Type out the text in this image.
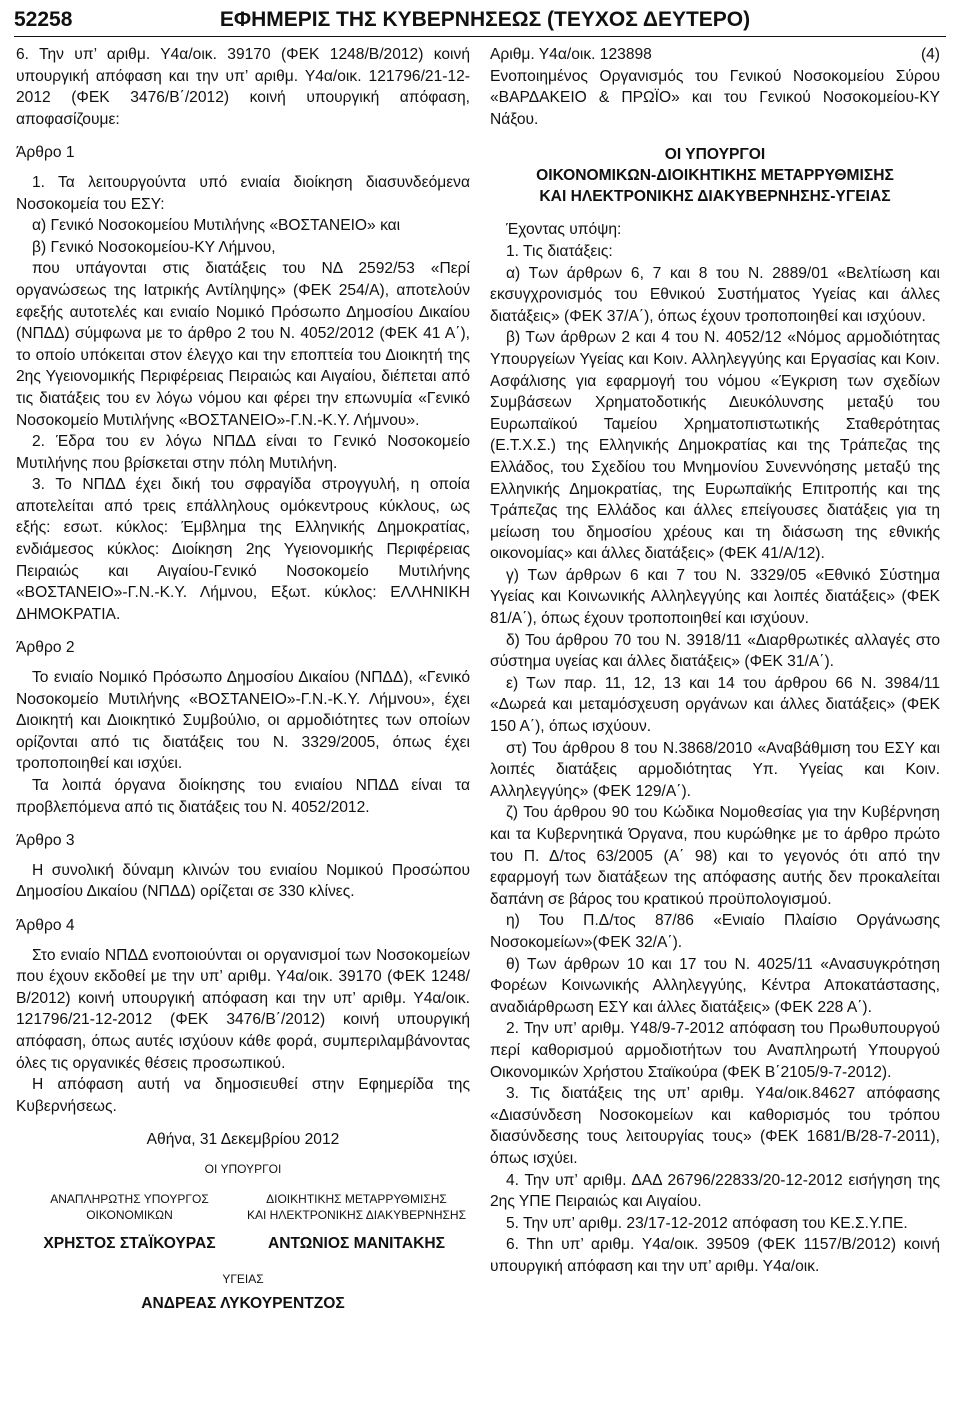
52258	ΕΦΗΜΕΡΙΣ ΤΗΣ ΚΥΒΕΡΝΗΣΕΩΣ (ΤΕΥΧΟΣ ΔΕΥΤΕΡΟ)

6. Την υπ’ αριθμ. Υ4α/οικ. 39170 (ΦΕΚ 1248/Β/2012) κοινή υπουργική απόφαση και την υπ’ αριθμ. Υ4α/οικ. 121796/21-12-2012 (ΦΕΚ 3476/Β΄/2012) κοινή υπουργική απόφαση, αποφασίζουμε:

Άρθρο 1

1. Τα λειτουργούντα υπό ενιαία διοίκηση διασυνδεόμενα Νοσοκομεία του ΕΣΥ:

α) Γενικό Νοσοκομείου Μυτιλήνης «ΒΟΣΤΑΝΕΙΟ» και

β) Γενικό Νοσοκομείου-ΚΥ Λήμνου,

που υπάγονται στις διατάξεις του ΝΔ 2592/53 «Περί οργανώσεως της Ιατρικής Αντίληψης» (ΦΕΚ 254/Α), αποτελούν εφεξής αυτοτελές και ενιαίο Νομικό Πρόσωπο Δημοσίου Δικαίου (ΝΠΔΔ) σύμφωνα με το άρθρο 2 του Ν. 4052/2012 (ΦΕΚ 41 Α΄), το οποίο υπόκειται στον έλεγχο και την εποπτεία του Διοικητή της 2ης Υγειονομικής Περιφέρειας Πειραιώς και Αιγαίου, διέπεται από τις διατάξεις του εν λόγω νόμου και φέρει την επωνυμία «Γενικό Νοσοκομείο Μυτιλήνης «ΒΟΣΤΑΝΕΙΟ»-Γ.Ν.-Κ.Υ. Λήμνου».

2. Έδρα του εν λόγω ΝΠΔΔ είναι το Γενικό Νοσοκομείο Μυτιλήνης που βρίσκεται στην πόλη Μυτιλήνη.

3. Το ΝΠΔΔ έχει δική του σφραγίδα στρογγυλή, η οποία αποτελείται από τρεις επάλληλους ομόκεντρους κύκλους, ως εξής: εσωτ. κύκλος: Έμβλημα της Ελληνικής Δημοκρατίας, ενδιάμεσος κύκλος: Διοίκηση 2ης Υγειονομικής Περιφέρειας Πειραιώς και Αιγαίου-Γενικό Νοσοκομείο Μυτιλήνης «ΒΟΣΤΑΝΕΙΟ»-Γ.Ν.-Κ.Υ. Λήμνου, Εξωτ. κύκλος: ΕΛΛΗΝΙΚΗ ΔΗΜΟΚΡΑΤΙΑ.

Άρθρο 2

Το ενιαίο Νομικό Πρόσωπο Δημοσίου Δικαίου (ΝΠΔΔ), «Γενικό Νοσοκομείο Μυτιλήνης «ΒΟΣΤΑΝΕΙΟ»-Γ.Ν.-Κ.Υ. Λήμνου», έχει Διοικητή και Διοικητικό Συμβούλιο, οι αρμοδιότητες των οποίων ορίζονται από τις διατάξεις του Ν. 3329/2005, όπως έχει τροποποιηθεί και ισχύει.

Τα λοιπά όργανα διοίκησης του ενιαίου ΝΠΔΔ είναι τα προβλεπόμενα από τις διατάξεις του Ν. 4052/2012.

Άρθρο 3

Η συνολική δύναμη κλινών του ενιαίου Νομικού Προσώπου Δημοσίου Δικαίου (ΝΠΔΔ) ορίζεται σε 330 κλίνες.

Άρθρο 4

Στο ενιαίο ΝΠΔΔ ενοποιούνται οι οργανισμοί των Νοσοκομείων που έχουν εκδοθεί με την υπ’ αριθμ. Υ4α/οικ. 39170 (ΦΕΚ 1248/Β/2012) κοινή υπουργική απόφαση και την υπ’ αριθμ. Υ4α/οικ. 121796/21-12-2012 (ΦΕΚ 3476/Β΄/2012) κοινή υπουργική απόφαση, όπως αυτές ισχύουν κάθε φορά, συμπεριλαμβάνοντας όλες τις οργανικές θέσεις προσωπικού.

Η απόφαση αυτή να δημοσιευθεί στην Εφημερίδα της Κυβερνήσεως.

Αθήνα, 31 Δεκεμβρίου 2012

ΟΙ ΥΠΟΥΡΓΟΙ

ΑΝΑΠΛΗΡΩΤΗΣ ΥΠΟΥΡΓΟΣ ΟΙΚΟΝΟΜΙΚΩΝ
ΔΙΟΙΚΗΤΙΚΗΣ ΜΕΤΑΡΡΥΘΜΙΣΗΣ
ΚΑΙ ΗΛΕΚΤΡΟΝΙΚΗΣ ΔΙΑΚΥΒΕΡΝΗΣΗΣ
ΧΡΗΣΤΟΣ ΣΤΑΪΚΟΥΡΑΣ	ΑΝΤΩΝΙΟΣ ΜΑΝΙΤΑΚΗΣ

ΥΓΕΙΑΣ

ΑΝΔΡΕΑΣ ΛΥΚΟΥΡΕΝΤΖΟΣ

Αριθμ. Υ4α/οικ. 123898	(4)

Ενοποιημένος Οργανισμός του Γενικού Νοσοκομείου Σύρου «ΒΑΡΔΑΚΕΙΟ & ΠΡΩΪΟ» και του Γενικού Νοσοκομείου-ΚΥ Νάξου.

ΟΙ ΥΠΟΥΡΓΟΙ
ΟΙΚΟΝΟΜΙΚΩΝ-ΔΙΟΙΚΗΤΙΚΗΣ ΜΕΤΑΡΡΥΘΜΙΣΗΣ
ΚΑΙ ΗΛΕΚΤΡΟΝΙΚΗΣ ΔΙΑΚΥΒΕΡΝΗΣΗΣ-ΥΓΕΙΑΣ

Έχοντας υπόψη:

1. Τις διατάξεις:

α) Των άρθρων 6, 7 και 8 του Ν. 2889/01 «Βελτίωση και εκσυγχρονισμός του Εθνικού Συστήματος Υγείας και άλλες διατάξεις» (ΦΕΚ 37/Α΄), όπως έχουν τροποποιηθεί και ισχύουν.

β) Των άρθρων 2 και 4 του Ν. 4052/12 «Νόμος αρμοδιότητας Υπουργείων Υγείας και Κοιν. Αλληλεγγύης και Εργασίας και Κοιν. Ασφάλισης για εφαρμογή του νόμου «Έγκριση των σχεδίων Συμβάσεων Χρηματοδοτικής Διευκόλυνσης μεταξύ του Ευρωπαϊκού Ταμείου Χρηματοπιστωτικής Σταθερότητας (Ε.Τ.Χ.Σ.) της Ελληνικής Δημοκρατίας και της Τράπεζας της Ελλάδος, του Σχεδίου του Μνημονίου Συνεννόησης μεταξύ της Ελληνικής Δημοκρατίας, της Ευρωπαϊκής Επιτροπής και της Τράπεζας της Ελλάδος και άλλες επείγουσες διατάξεις για τη μείωση του δημοσίου χρέους και τη διάσωση της εθνικής οικονομίας» και άλλες διατάξεις» (ΦΕΚ 41/Α/12).

γ) Των άρθρων 6 και 7 του Ν. 3329/05 «Εθνικό Σύστημα Υγείας και Κοινωνικής Αλληλεγγύης και λοιπές διατάξεις» (ΦΕΚ 81/Α΄), όπως έχουν τροποποιηθεί και ισχύουν.

δ) Του άρθρου 70 του Ν. 3918/11 «Διαρθρωτικές αλλαγές στο σύστημα υγείας και άλλες διατάξεις» (ΦΕΚ 31/Α΄).

ε) Των παρ. 11, 12, 13 και 14 του άρθρου 66 Ν. 3984/11 «Δωρεά και μεταμόσχευση οργάνων και άλλες διατάξεις» (ΦΕΚ 150 Α΄), όπως ισχύουν.

στ) Του άρθρου 8 του Ν.3868/2010 «Αναβάθμιση του ΕΣΥ και λοιπές διατάξεις αρμοδιότητας Υπ. Υγείας και Κοιν. Αλληλεγγύης» (ΦΕΚ 129/Α΄).

ζ) Του άρθρου 90 του Κώδικα Νομοθεσίας για την Κυβέρνηση και τα Κυβερνητικά Όργανα, που κυρώθηκε με το άρθρο πρώτο του Π. Δ/τος 63/2005 (Α΄ 98) και το γεγονός ότι από την εφαρμογή των διατάξεων της απόφασης αυτής δεν προκαλείται δαπάνη σε βάρος του κρατικού προϋπολογισμού.

η) Του Π.Δ/τος 87/86 «Ενιαίο Πλαίσιο Οργάνωσης Νοσοκομείων»(ΦΕΚ 32/Α΄).

θ) Των άρθρων 10 και 17 του Ν. 4025/11 «Ανασυγκρότηση Φορέων Κοινωνικής Αλληλεγγύης, Κέντρα Αποκατάστασης, αναδιάρθρωση ΕΣΥ και άλλες διατάξεις» (ΦΕΚ 228 Α΄).

2. Την υπ’ αριθμ. Υ48/9-7-2012 απόφαση του Πρωθυπουργού περί καθορισμού αρμοδιοτήτων του Αναπληρωτή Υπουργού Οικονομικών Χρήστου Σταϊκούρα (ΦΕΚ Β΄2105/9-7-2012).

3. Τις διατάξεις της υπ’ αριθμ. Υ4α/οικ.84627 απόφασης «Διασύνδεση Νοσοκομείων και καθορισμός του τρόπου διασύνδεσης τους λειτουργίας τους» (ΦΕΚ 1681/Β/28-7-2011), όπως ισχύει.

4. Την υπ’ αριθμ. ΔΑΔ 26796/22833/20-12-2012 εισήγηση της 2ης ΥΠΕ Πειραιώς και Αιγαίου.

5. Την υπ’ αριθμ. 23/17-12-2012 απόφαση του ΚΕ.Σ.Υ.ΠΕ.

6. Thn υπ’ αριθμ. Υ4α/οικ. 39509 (ΦΕΚ 1157/Β/2012) κοινή υπουργική απόφαση και την υπ’ αριθμ. Υ4α/οικ.
